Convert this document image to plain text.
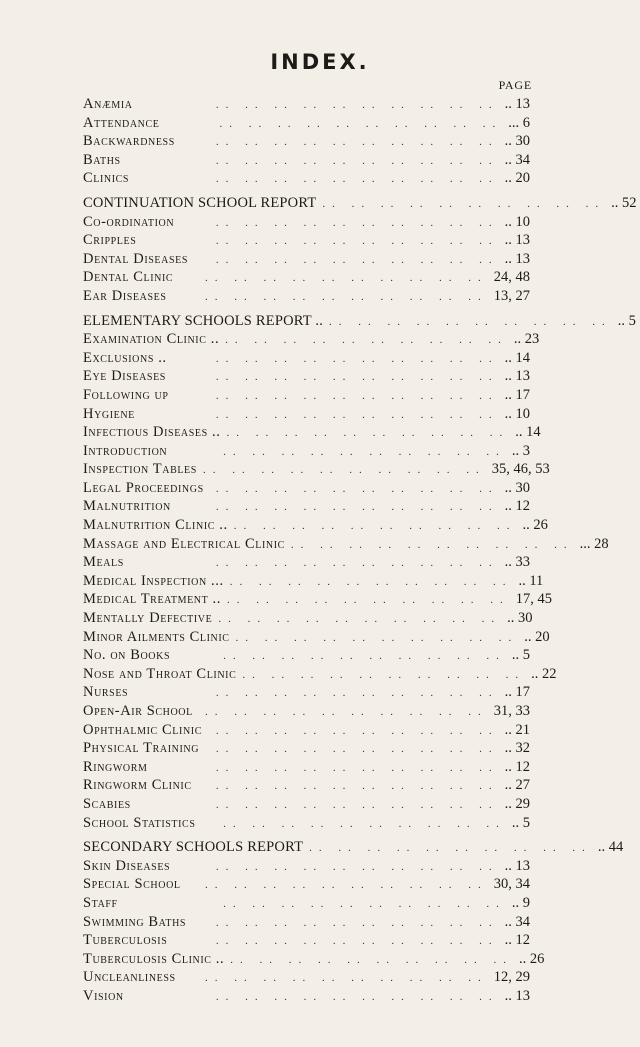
INDEX.
PAGE
Anæmia	.. .. .. .. .. .. .. .. .. .. .. 13
Attendance	.. .. .. .. .. .. .. .. .. .. ... 6
Backwardness	.. .. .. .. .. .. .. .. .. .. .. 30
Baths	.. .. .. .. .. .. .. .. .. .. .. 34
Clinics	.. .. .. .. .. .. .. .. .. .. .. 20
CONTINUATION SCHOOL REPORT .. .. .. .. .. .. .. .. .. .. .. 52
Co-ordination	.. .. .. .. .. .. .. .. .. .. .. 10
Cripples	.. .. .. .. .. .. .. .. .. .. .. 13
Dental Diseases	.. .. .. .. .. .. .. .. .. .. .. 13
Dental Clinic	.. .. .. .. .. .. .. .. .. .. 24, 48
Ear Diseases	.. .. .. .. .. .. .. .. .. .. 13, 27
ELEMENTARY SCHOOLS REPORT .. .. .. .. .. .. .. .. .. .. .. .. 5
Examination Clinic .. .. .. .. .. .. .. .. .. .. .. .. 23
Exclusions ..	.. .. .. .. .. .. .. .. .. .. .. 14
Eye Diseases	.. .. .. .. .. .. .. .. .. .. .. 13
Following up	.. .. .. .. .. .. .. .. .. .. .. 17
Hygiene	.. .. .. .. .. .. .. .. .. .. .. 10
Infectious Diseases .. .. .. .. .. .. .. .. .. .. .. .. 14
Introduction	.. .. .. .. .. .. .. .. .. .. .. 3
Inspection Tables .. .. .. .. .. .. .. .. .. .. 35, 46, 53
Legal Proceedings	.. .. .. .. .. .. .. .. .. .. .. 30
Malnutrition	.. .. .. .. .. .. .. .. .. .. .. 12
Malnutrition Clinic .. .. .. .. .. .. .. .. .. .. .. .. 26
Massage and Electrical Clinic .. .. .. .. .. .. .. .. .. .. ... 28
Meals	.. .. .. .. .. .. .. .. .. .. .. 33
Medical Inspection ... .. .. .. .. .. .. .. .. .. .. .. 11
Medical Treatment .. .. .. .. .. .. .. .. .. .. .. 17, 45
Mentally Defective .. .. .. .. .. .. .. .. .. .. .. 30
Minor Ailments Clinic .. .. .. .. .. .. .. .. .. .. .. 20
No. on Books	.. .. .. .. .. .. .. .. .. .. .. 5
Nose and Throat Clinic .. .. .. .. .. .. .. .. .. .. .. 22
Nurses	.. .. .. .. .. .. .. .. .. .. .. 17
Open-Air School	.. .. .. .. .. .. .. .. .. .. 31, 33
Ophthalmic Clinic	.. .. .. .. .. .. .. .. .. .. .. 21
Physical Training	.. .. .. .. .. .. .. .. .. .. .. 32
Ringworm	.. .. .. .. .. .. .. .. .. .. .. 12
Ringworm Clinic	.. .. .. .. .. .. .. .. .. .. .. 27
Scabies	.. .. .. .. .. .. .. .. .. .. .. 29
School Statistics	.. .. .. .. .. .. .. .. .. .. .. 5
SECONDARY SCHOOLS REPORT .. .. .. .. .. .. .. .. .. .. .. 44
Skin Diseases	.. .. .. .. .. .. .. .. .. .. .. 13
Special School	.. .. .. .. .. .. .. .. .. .. 30, 34
Staff	.. .. .. .. .. .. .. .. .. .. .. 9
Swimming Baths	.. .. .. .. .. .. .. .. .. .. .. 34
Tuberculosis	.. .. .. .. .. .. .. .. .. .. .. 12
Tuberculosis Clinic .. .. .. .. .. .. .. .. .. .. .. .. 26
Uncleanliness	.. .. .. .. .. .. .. .. .. .. 12, 29
Vision	.. .. .. .. .. .. .. .. .. .. .. 13
